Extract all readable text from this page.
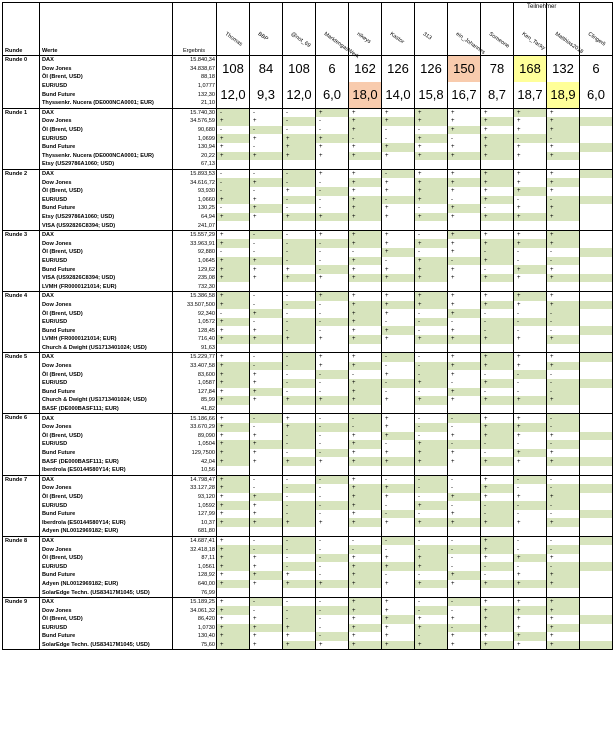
Teilnehmer
Runde	Werte	Ergebnis	Thomas	BBP	@not_69	MarktengasWerk	nikeys	Kastor	313	ein_Johannes	Someone	Ken_Tacky	Matthias2018	Clingerli

Runde 0	DAX	15.840,34	108	84	108	6	162	126	126	150	78	168	132	6
	Dow Jones	34.838,67												
	Öl (Brent, USD)	88,18												
	EUR/USD	1,0777	12,0	9,3	12,0	6,0	18,0	14,0	15,8	16,7	8,7	18,7	18,9	6,0
	Bund Future	132,30												
	Thyssenkr. Nucera (DE000NCA0001; EUR)	21,10												
Runde 1	DAX	15.740,30	-	-	-	+	+	+	+	+	+	+	+	
	Dow Jones	34.576,59	+	+	-	-	+	+	+	+	+	+	+	
	Öl (Brent, USD)	90,680	-	-	-	-	+	-	-	+	+	+	+	
	EUR/USD	1,0699	+	+	+	+	-	-	+	-	+	-	-	
	Bund Future	130,94	+	-	+	+	+	+	+	+	+	+	+	
	Thyssenkr. Nucera (DE000NCA0001; EUR)	20,22	+	+	+	+	+	+	+	+	+	+	+	
	Etsy (US29786A1060; USD)	67,13												
Runde 2	DAX	15.893,53	-	-	-	+	+	-	+	+	+	+	+	
	Dow Jones	34.616,72	-	+	-	-	+	+	+	+	+	+	+	
	Öl (Brent, USD)	93,930	-	-	+	-	+	+	+	+	+	+	+	
	EUR/USD	1,0660	+	+	-	-	+	-	+	-	+	-	-	
	Bund Future	130,25	-	+	-	-	+	+	-	+	-	+	+	
	Etsy (US29786A1060; USD)	64,94	+	+	+	+	+	+	+	+	+	+	+	
	VISA (US92826C8394; USD)	241,07												
Runde 3	DAX	15.557,29	+	-	-	+	+	+	-	+	+	+	+	
	Dow Jones	33.963,91	+	-	-	-	+	+	+	+	+	+	+	
	Öl (Brent, USD)	92,880	-	-	-	-	-	+	-	+	-	-	-	
	EUR/USD	1,0645	+	+	-	-	+	-	+	-	+	-	-	
	Bund Future	129,62	+	+	+	-	+	+	+	+	-	+	+	
	VISA (US92826C8394; USD)	235,08	+	+	+	+	+	+	+	+	+	+	+	
	LVMH (FR0000121014; EUR)	732,30												
Runde 4	DAX	15.386,58	+	-	-	+	+	+	+	+	+	+	+	
	Dow Jones	33.507,500	+	-	-	-	+	+	+	+	+	+	+	
	Öl (Brent, USD)	92,340	-	+	-	-	+	+	-	+	-	-	-	
	EUR/USD	1,0572	+	-	-	-	+	-	-	-	-	-	-	
	Bund Future	128,45	+	+	-	-	+	+	-	+	-	-	-	
	LVMH (FR0000121014; EUR)	716,40	+	+	+	+	+	+	+	+	+	+	+	
	Church & Dwight (US1713401024; USD)	91,63												
Runde 5	DAX	15.229,77	+	-	-	+	+	-	-	+	+	+	+	
	Dow Jones	33.407,58	+	-	-	+	+	-	-	+	+	+	+	
	Öl (Brent, USD)	83,600	+	+	-	-	-	+	-	+	-	-	-	
	EUR/USD	1,0587	+	+	-	-	+	-	+	-	+	-	-	
	Bund Future	127,84	+	+	-	-	+	-	-	+	-	-	-	
	Church & Dwight (US1713401024; USD)	85,99	+	+	+	+	+	+	+	+	+	+	+	
	BASF (DE000BASF111; EUR)	41,82												
Runde 6	DAX	15.186,66	+	-	+	-	-	+	-	-	+	+	-	
	Dow Jones	33.670,29	+	-	+	-	-	+	-	-	+	+	-	
	Öl (Brent, USD)	89,090	+	+	-	-	+	+	-	+	+	+	+	
	EUR/USD	1,0504	+	+	-	-	+	-	+	-	-	-	-	
	Bund Future	129,7500	+	+	-	-	+	+	+	+	-	+	+	
	BASF (DE000BASF111; EUR)	42,04	+	+	+	+	+	+	+	+	+	+	+	
	Iberdrola (ES0144580Y14; EUR)	10,56												
Runde 7	DAX	14.798,47	+	-	-	-	+	-	-	-	+	-	-	
	Dow Jones	33.127,28	+	-	-	-	+	+	-	-	+	-	-	
	Öl (Brent, USD)	93,120	+	+	-	-	+	+	-	+	+	+	+	
	EUR/USD	1,0592	+	+	-	-	+	-	+	-	-	-	-	
	Bund Future	127,99	+	+	-	-	+	-	-	+	-	-	-	
	Iberdrola (ES0144580Y14; EUR)	10,37	+	+	+	+	+	+	+	+	+	+	+	
	Adyen (NL0012969182; EUR)	681,80												
Runde 8	DAX	14.687,41	+	-	-	-	-	-	-	-	+	-	-	
	Dow Jones	32.418,18	+	-	-	-	-	-	-	-	+	-	-	
	Öl (Brent, USD)	87,11	+	+	-	-	+	+	+	-	+	+	+	
	EUR/USD	1,0561	+	+	-	-	+	+	+	-	-	-	-	
	Bund Future	128,92	+	+	+	-	+	-	-	+	-	+	+	
	Adyen (NL0012969182; EUR)	640,00	+	+	+	+	+	+	+	+	+	+	+	
	SolarEdge Techn. (US83417M1045; USD)	76,99												
Runde 9	DAX	15.189,25	+	-	-	-	+	+	-	-	+	+	+	
	Dow Jones	34.061,32	+	-	-	-	+	+	-	-	+	+	+	
	Öl (Brent, USD)	86,420	+	+	-	-	+	+	+	+	+	+	+	
	EUR/USD	1,0730	+	+	+	-	+	+	+	-	+	+	+	
	Bund Future	130,40	+	+	+	-	+	+	-	+	+	+	+	
	SolarEdge Techn. (US83417M1045; USD)	75,60	+	+	+	+	+	+	+	+	+	+	+	
